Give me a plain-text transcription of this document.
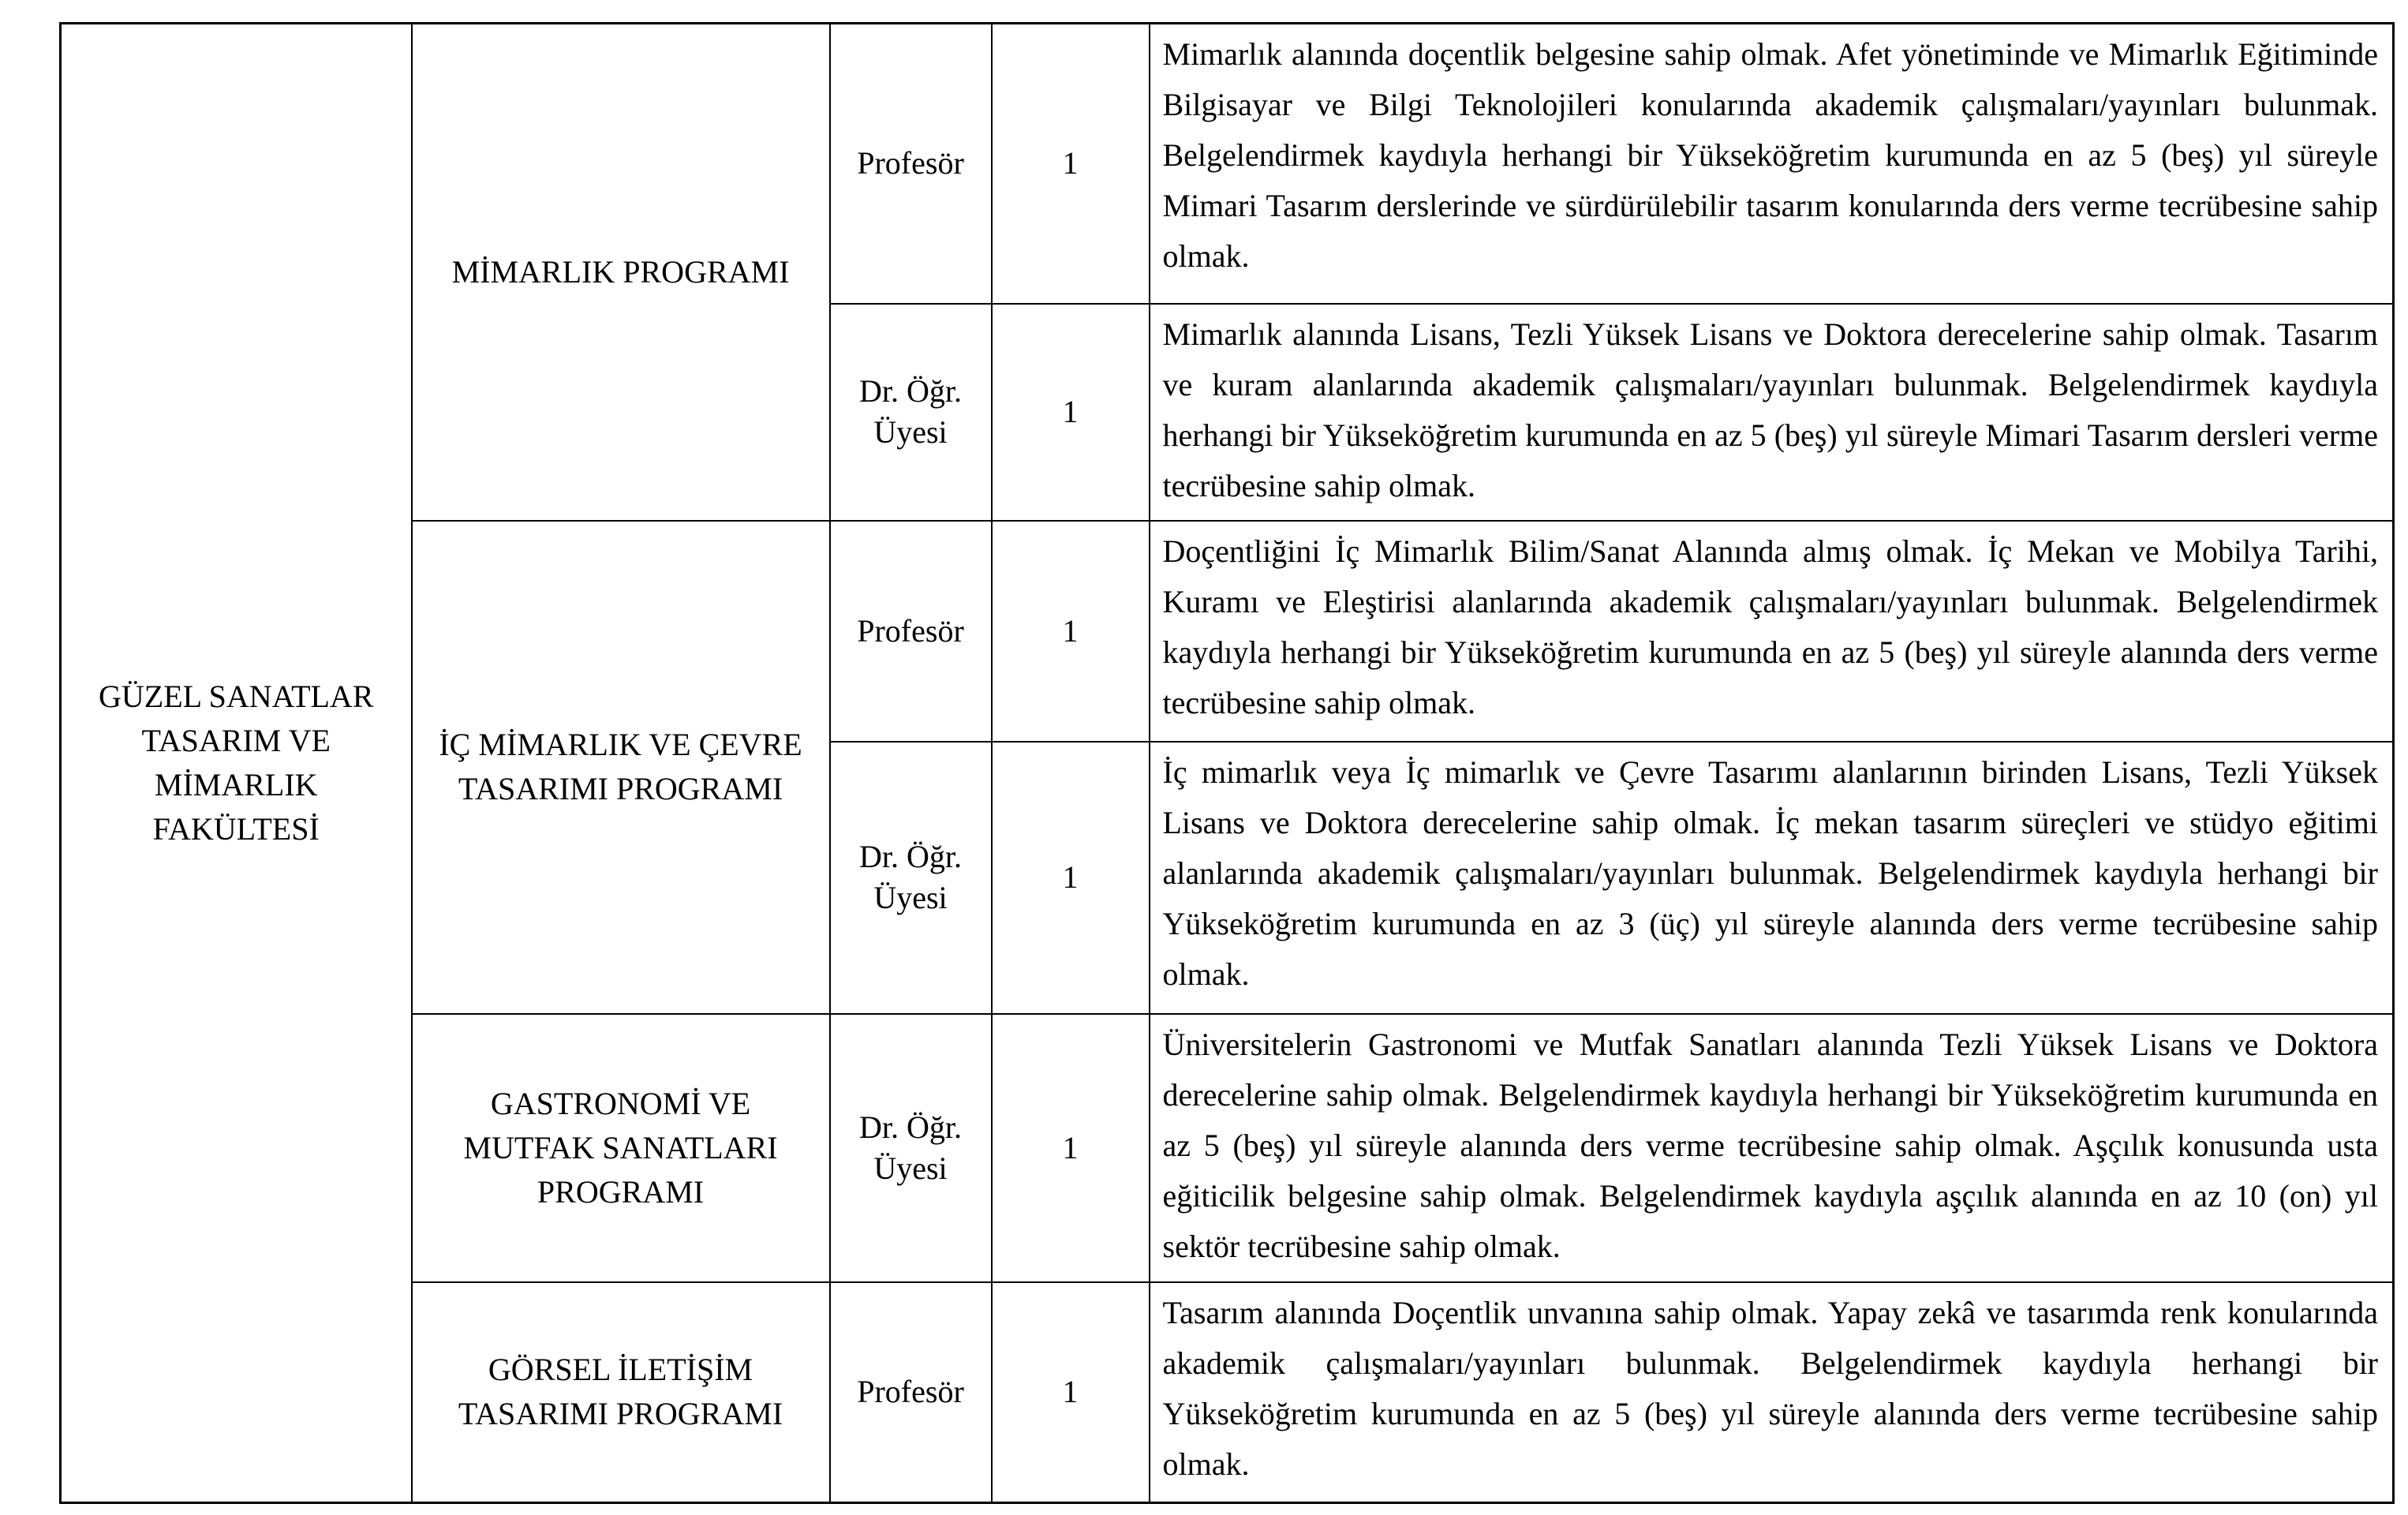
GÜZEL SANATLAR TASARIM VE MİMARLIK FAKÜLTESİ	MİMARLIK PROGRAMI	Profesör	1	Mimarlık alanında doçentlik belgesine sahip olmak. Afet yönetiminde ve Mimarlık Eğitiminde Bilgisayar ve Bilgi Teknolojileri konularında akademik çalışmaları/yayınları bulunmak. Belgelendirmek kaydıyla herhangi bir Yükseköğretim kurumunda en az 5 (beş) yıl süreyle Mimari Tasarım derslerinde ve sürdürülebilir tasarım konularında ders verme tecrübesine sahip olmak.
		Dr. Öğr. Üyesi	1	Mimarlık alanında Lisans, Tezli Yüksek Lisans ve Doktora derecelerine sahip olmak. Tasarım ve kuram alanlarında akademik çalışmaları/yayınları bulunmak. Belgelendirmek kaydıyla herhangi bir Yükseköğretim kurumunda en az 5 (beş) yıl süreyle Mimari Tasarım dersleri verme tecrübesine sahip olmak.
	İÇ MİMARLIK VE ÇEVRE TASARIMI PROGRAMI	Profesör	1	Doçentliğini İç Mimarlık Bilim/Sanat Alanında almış olmak. İç Mekan ve Mobilya Tarihi, Kuramı ve Eleştirisi alanlarında akademik çalışmaları/yayınları bulunmak. Belgelendirmek kaydıyla herhangi bir Yükseköğretim kurumunda en az 5 (beş) yıl süreyle alanında ders verme tecrübesine sahip olmak.
		Dr. Öğr. Üyesi	1	İç mimarlık veya İç mimarlık ve Çevre Tasarımı alanlarının birinden Lisans, Tezli Yüksek Lisans ve Doktora derecelerine sahip olmak. İç mekan tasarım süreçleri ve stüdyo eğitimi alanlarında akademik çalışmaları/yayınları bulunmak. Belgelendirmek kaydıyla herhangi bir Yükseköğretim kurumunda en az 3 (üç) yıl süreyle alanında ders verme tecrübesine sahip olmak.
	GASTRONOMİ VE MUTFAK SANATLARI PROGRAMI	Dr. Öğr. Üyesi	1	Üniversitelerin Gastronomi ve Mutfak Sanatları alanında Tezli Yüksek Lisans ve Doktora derecelerine sahip olmak. Belgelendirmek kaydıyla herhangi bir Yükseköğretim kurumunda en az 5 (beş) yıl süreyle alanında ders verme tecrübesine sahip olmak. Aşçılık konusunda usta eğiticilik belgesine sahip olmak. Belgelendirmek kaydıyla aşçılık alanında en az 10 (on) yıl sektör tecrübesine sahip olmak.
	GÖRSEL İLETİŞİM TASARIMI PROGRAMI	Profesör	1	Tasarım alanında Doçentlik unvanına sahip olmak. Yapay zekâ ve tasarımda renk konularında akademik çalışmaları/yayınları bulunmak. Belgelendirmek kaydıyla herhangi bir Yükseköğretim kurumunda en az 5 (beş) yıl süreyle alanında ders verme tecrübesine sahip olmak.
